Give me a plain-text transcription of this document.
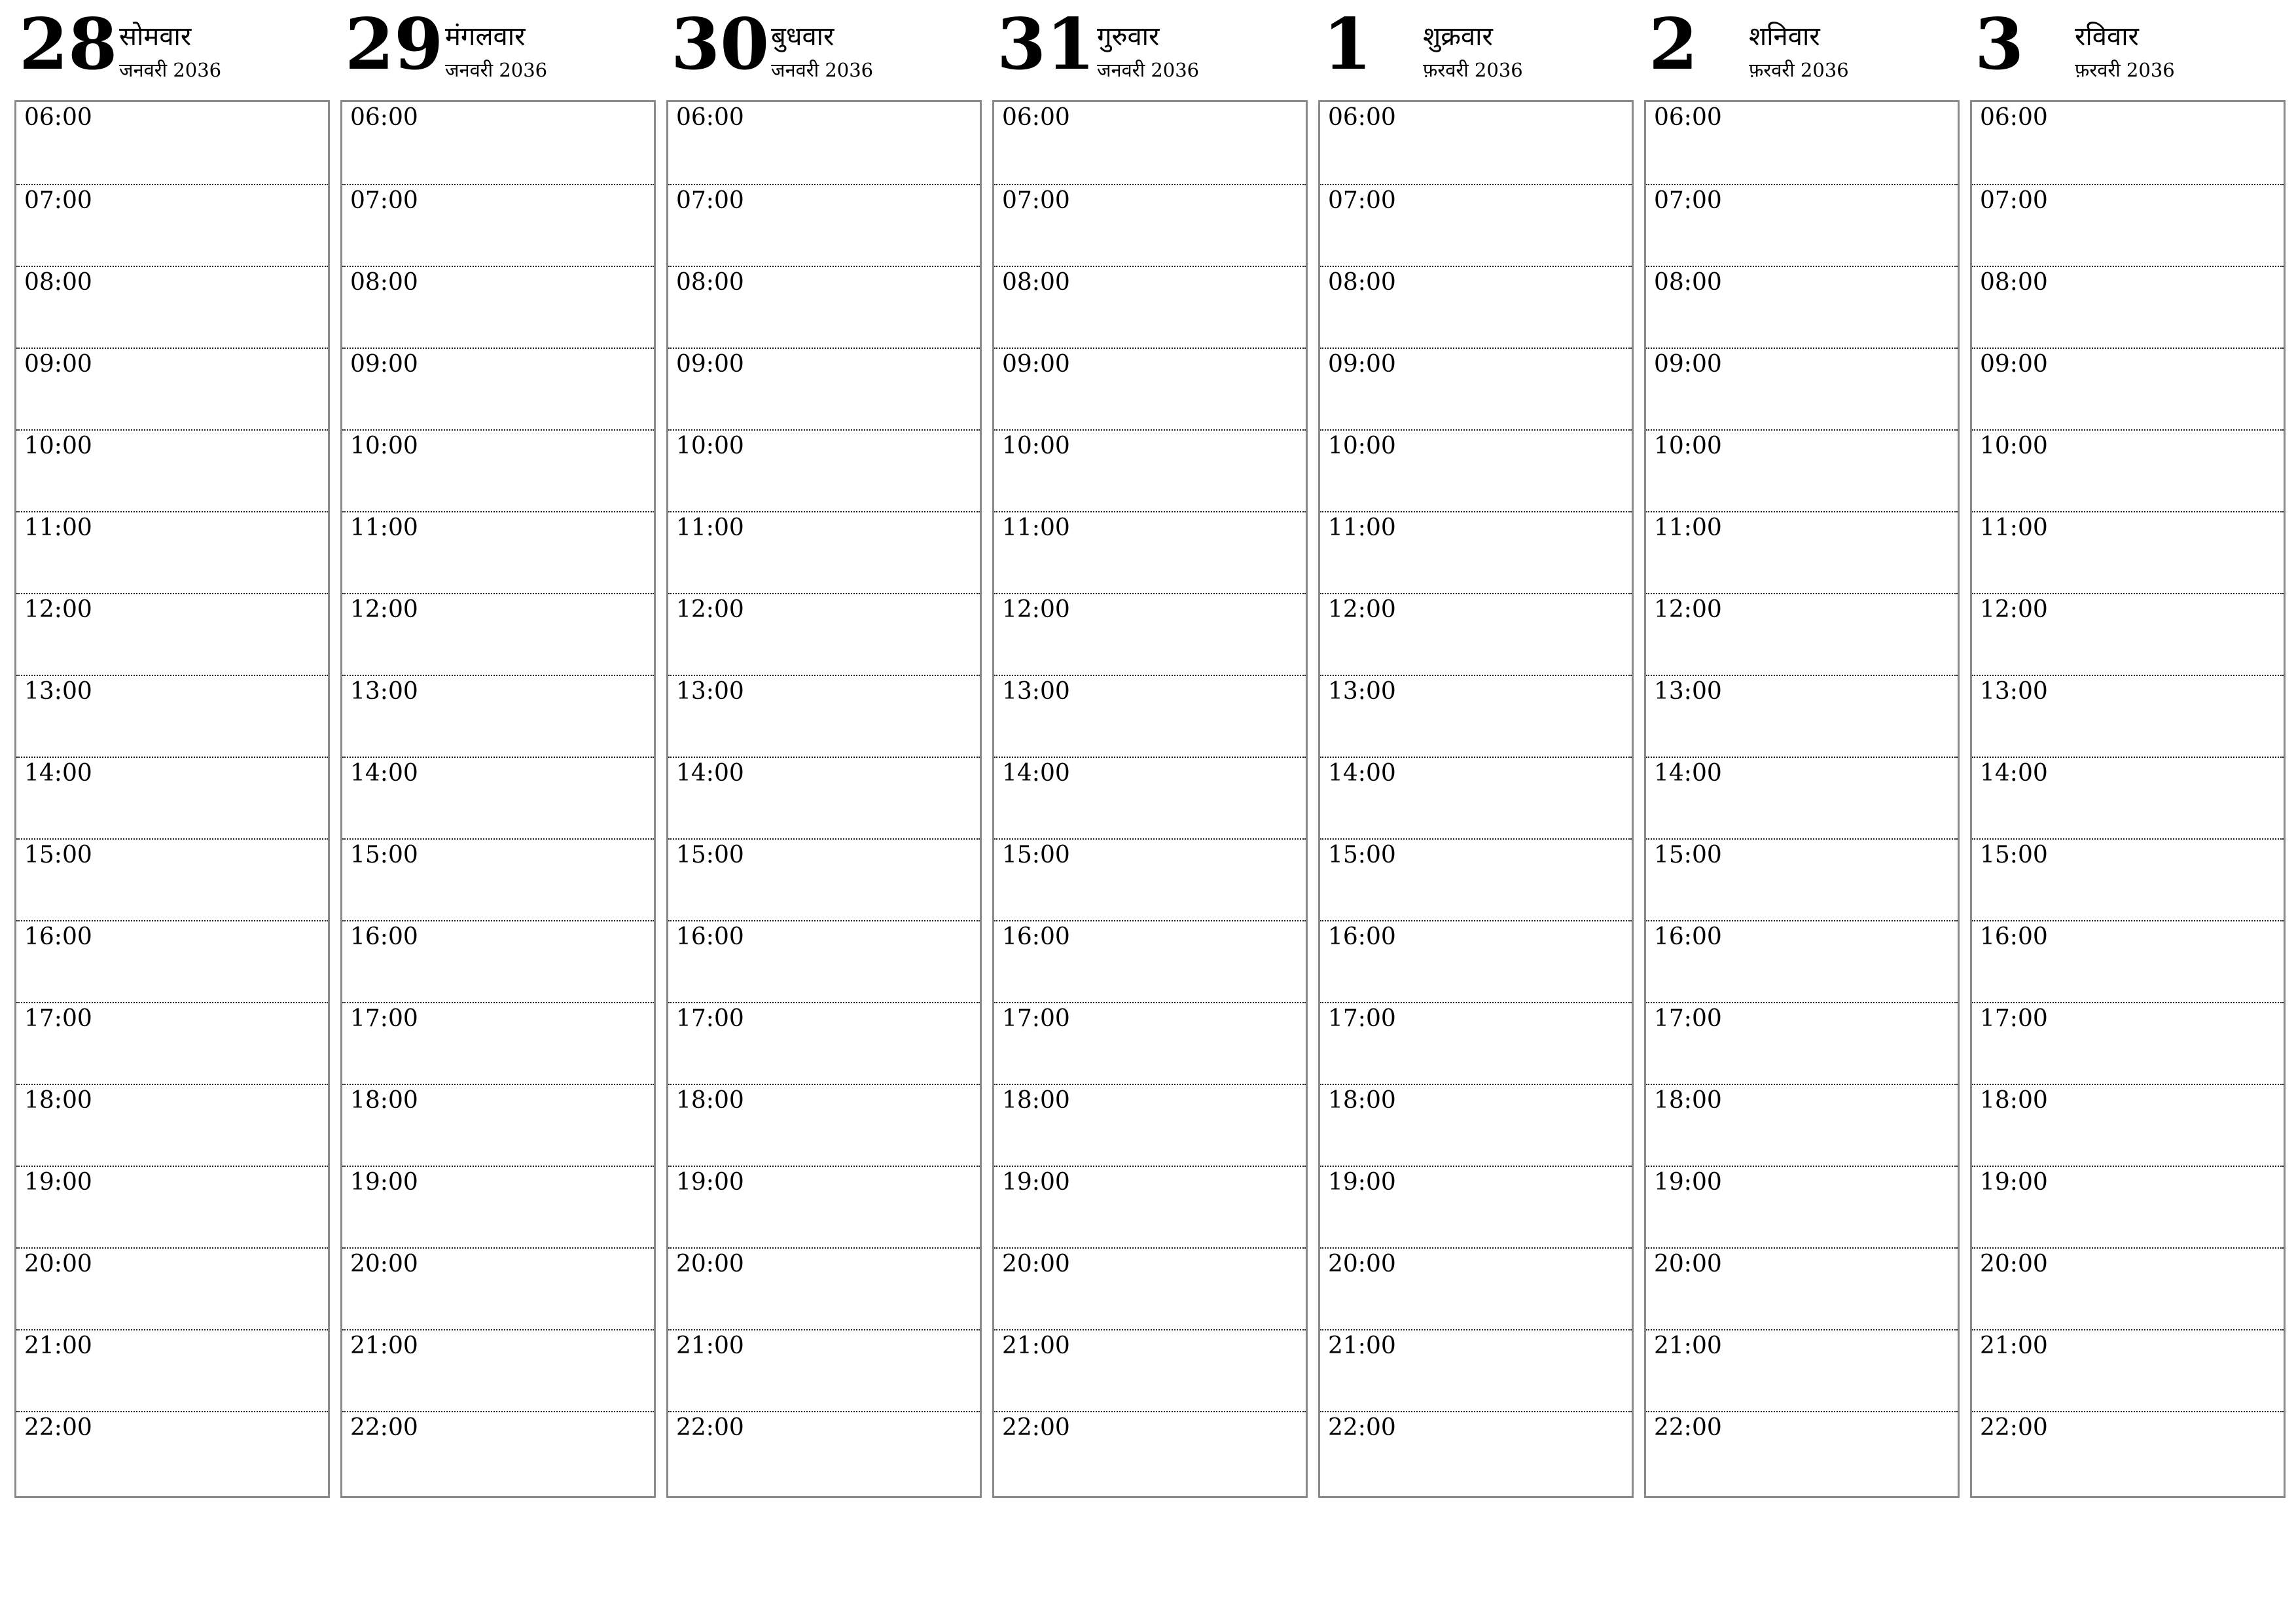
28 सोमवार
जनवरी 2036
06:00
07:00
08:00
09:00
10:00
11:00
12:00
13:00
14:00
15:00
16:00
17:00
18:00
19:00
20:00
21:00
22:00
29 मंगलवार
जनवरी 2036
06:00
07:00
08:00
09:00
10:00
11:00
12:00
13:00
14:00
15:00
16:00
17:00
18:00
19:00
20:00
21:00
22:00
30 बुधवार
जनवरी 2036
06:00
07:00
08:00
09:00
10:00
11:00
12:00
13:00
14:00
15:00
16:00
17:00
18:00
19:00
20:00
21:00
22:00
31 गुरुवार
जनवरी 2036
06:00
07:00
08:00
09:00
10:00
11:00
12:00
13:00
14:00
15:00
16:00
17:00
18:00
19:00
20:00
21:00
22:00
1 शुक्रवार
फ़रवरी 2036
06:00
07:00
08:00
09:00
10:00
11:00
12:00
13:00
14:00
15:00
16:00
17:00
18:00
19:00
20:00
21:00
22:00
2 शनिवार
फ़रवरी 2036
06:00
07:00
08:00
09:00
10:00
11:00
12:00
13:00
14:00
15:00
16:00
17:00
18:00
19:00
20:00
21:00
22:00
3 रविवार
फ़रवरी 2036
06:00
07:00
08:00
09:00
10:00
11:00
12:00
13:00
14:00
15:00
16:00
17:00
18:00
19:00
20:00
21:00
22:00
